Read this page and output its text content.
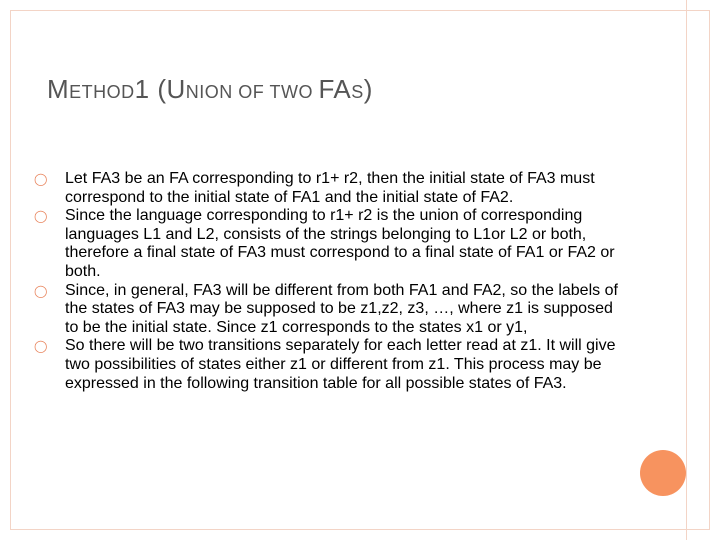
METHOD1 (UNION OF TWO FAS)
◯ Let FA3 be an FA corresponding to r1+ r2, then the initial state of FA3 must correspond to the initial state of FA1 and the initial state of FA2.
◯ Since the language corresponding to r1+ r2 is the union of corresponding languages L1 and L2, consists of the strings belonging to L1or L2 or both, therefore a final state of FA3 must correspond to a final state of FA1 or FA2 or both.
◯ Since, in general, FA3 will be different from both FA1 and FA2, so the labels of the states of FA3 may be supposed to be z1,z2, z3, …, where z1 is supposed to be the initial state. Since z1 corresponds to the states x1 or y1,
◯ So there will be two transitions separately for each letter read at z1. It will give two possibilities of states either z1 or different from z1. This process may be expressed in the following transition table for all possible states of FA3.
